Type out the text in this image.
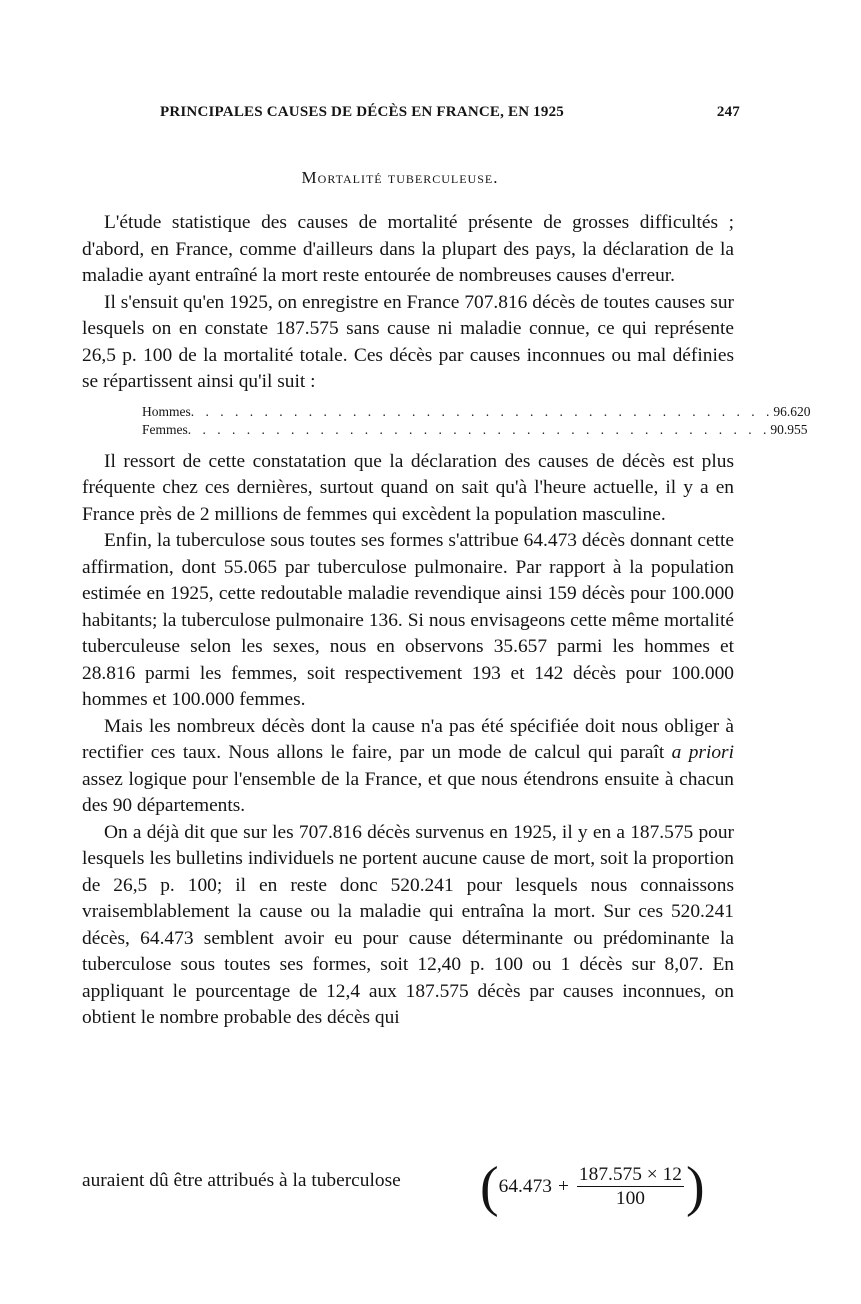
PRINCIPALES CAUSES DE DÉCÈS EN FRANCE, EN 1925	247
Mortalité tuberculeuse.

L'étude statistique des causes de mortalité présente de grosses difficultés ; d'abord, en France, comme d'ailleurs dans la plupart des pays, la déclaration de la maladie ayant entraîné la mort reste entourée de nombreuses causes d'erreur.

Il s'ensuit qu'en 1925, on enregistre en France 707.816 décès de toutes causes sur lesquels on en constate 187.575 sans cause ni maladie connue, ce qui représente 26,5 p. 100 de la mortalité totale. Ces décès par causes inconnues ou mal définies se répartissent ainsi qu'il suit :

Hommes . . . . . . . . . . . . . . . . . . . . . . . . . . . . . . . . . . . . . . . . 96.620
Femmes . . . . . . . . . . . . . . . . . . . . . . . . . . . . . . . . . . . . . . . . 90.955

Il ressort de cette constatation que la déclaration des causes de décès est plus fréquente chez ces dernières, surtout quand on sait qu'à l'heure actuelle, il y a en France près de 2 millions de femmes qui excèdent la population masculine.

Enfin, la tuberculose sous toutes ses formes s'attribue 64.473 décès donnant cette affirmation, dont 55.065 par tuberculose pulmonaire. Par rapport à la population estimée en 1925, cette redoutable maladie revendique ainsi 159 décès pour 100.000 habitants; la tuberculose pulmonaire 136. Si nous envisageons cette même mortalité tuberculeuse selon les sexes, nous en observons 35.657 parmi les hommes et 28.816 parmi les femmes, soit respectivement 193 et 142 décès pour 100.000 hommes et 100.000 femmes.

Mais les nombreux décès dont la cause n'a pas été spécifiée doit nous obliger à rectifier ces taux. Nous allons le faire, par un mode de calcul qui paraît a priori assez logique pour l'ensemble de la France, et que nous étendrons ensuite à chacun des 90 départements.

On a déjà dit que sur les 707.816 décès survenus en 1925, il y en a 187.575 pour lesquels les bulletins individuels ne portent aucune cause de mort, soit la proportion de 26,5 p. 100; il en reste donc 520.241 pour lesquels nous connaissons vraisemblablement la cause ou la maladie qui entraîna la mort. Sur ces 520.241 décès, 64.473 semblent avoir eu pour cause déterminante ou prédominante la tuberculose sous toutes ses formes, soit 12,40 p. 100 ou 1 décès sur 8,07. En appliquant le pourcentage de 12,4 aux 187.575 décès par causes inconnues, on obtient le nombre probable des décès qui

auraient dû être attribués à la tuberculose ( $64.473 + \frac{187.575 \times 12}{100}$ )
